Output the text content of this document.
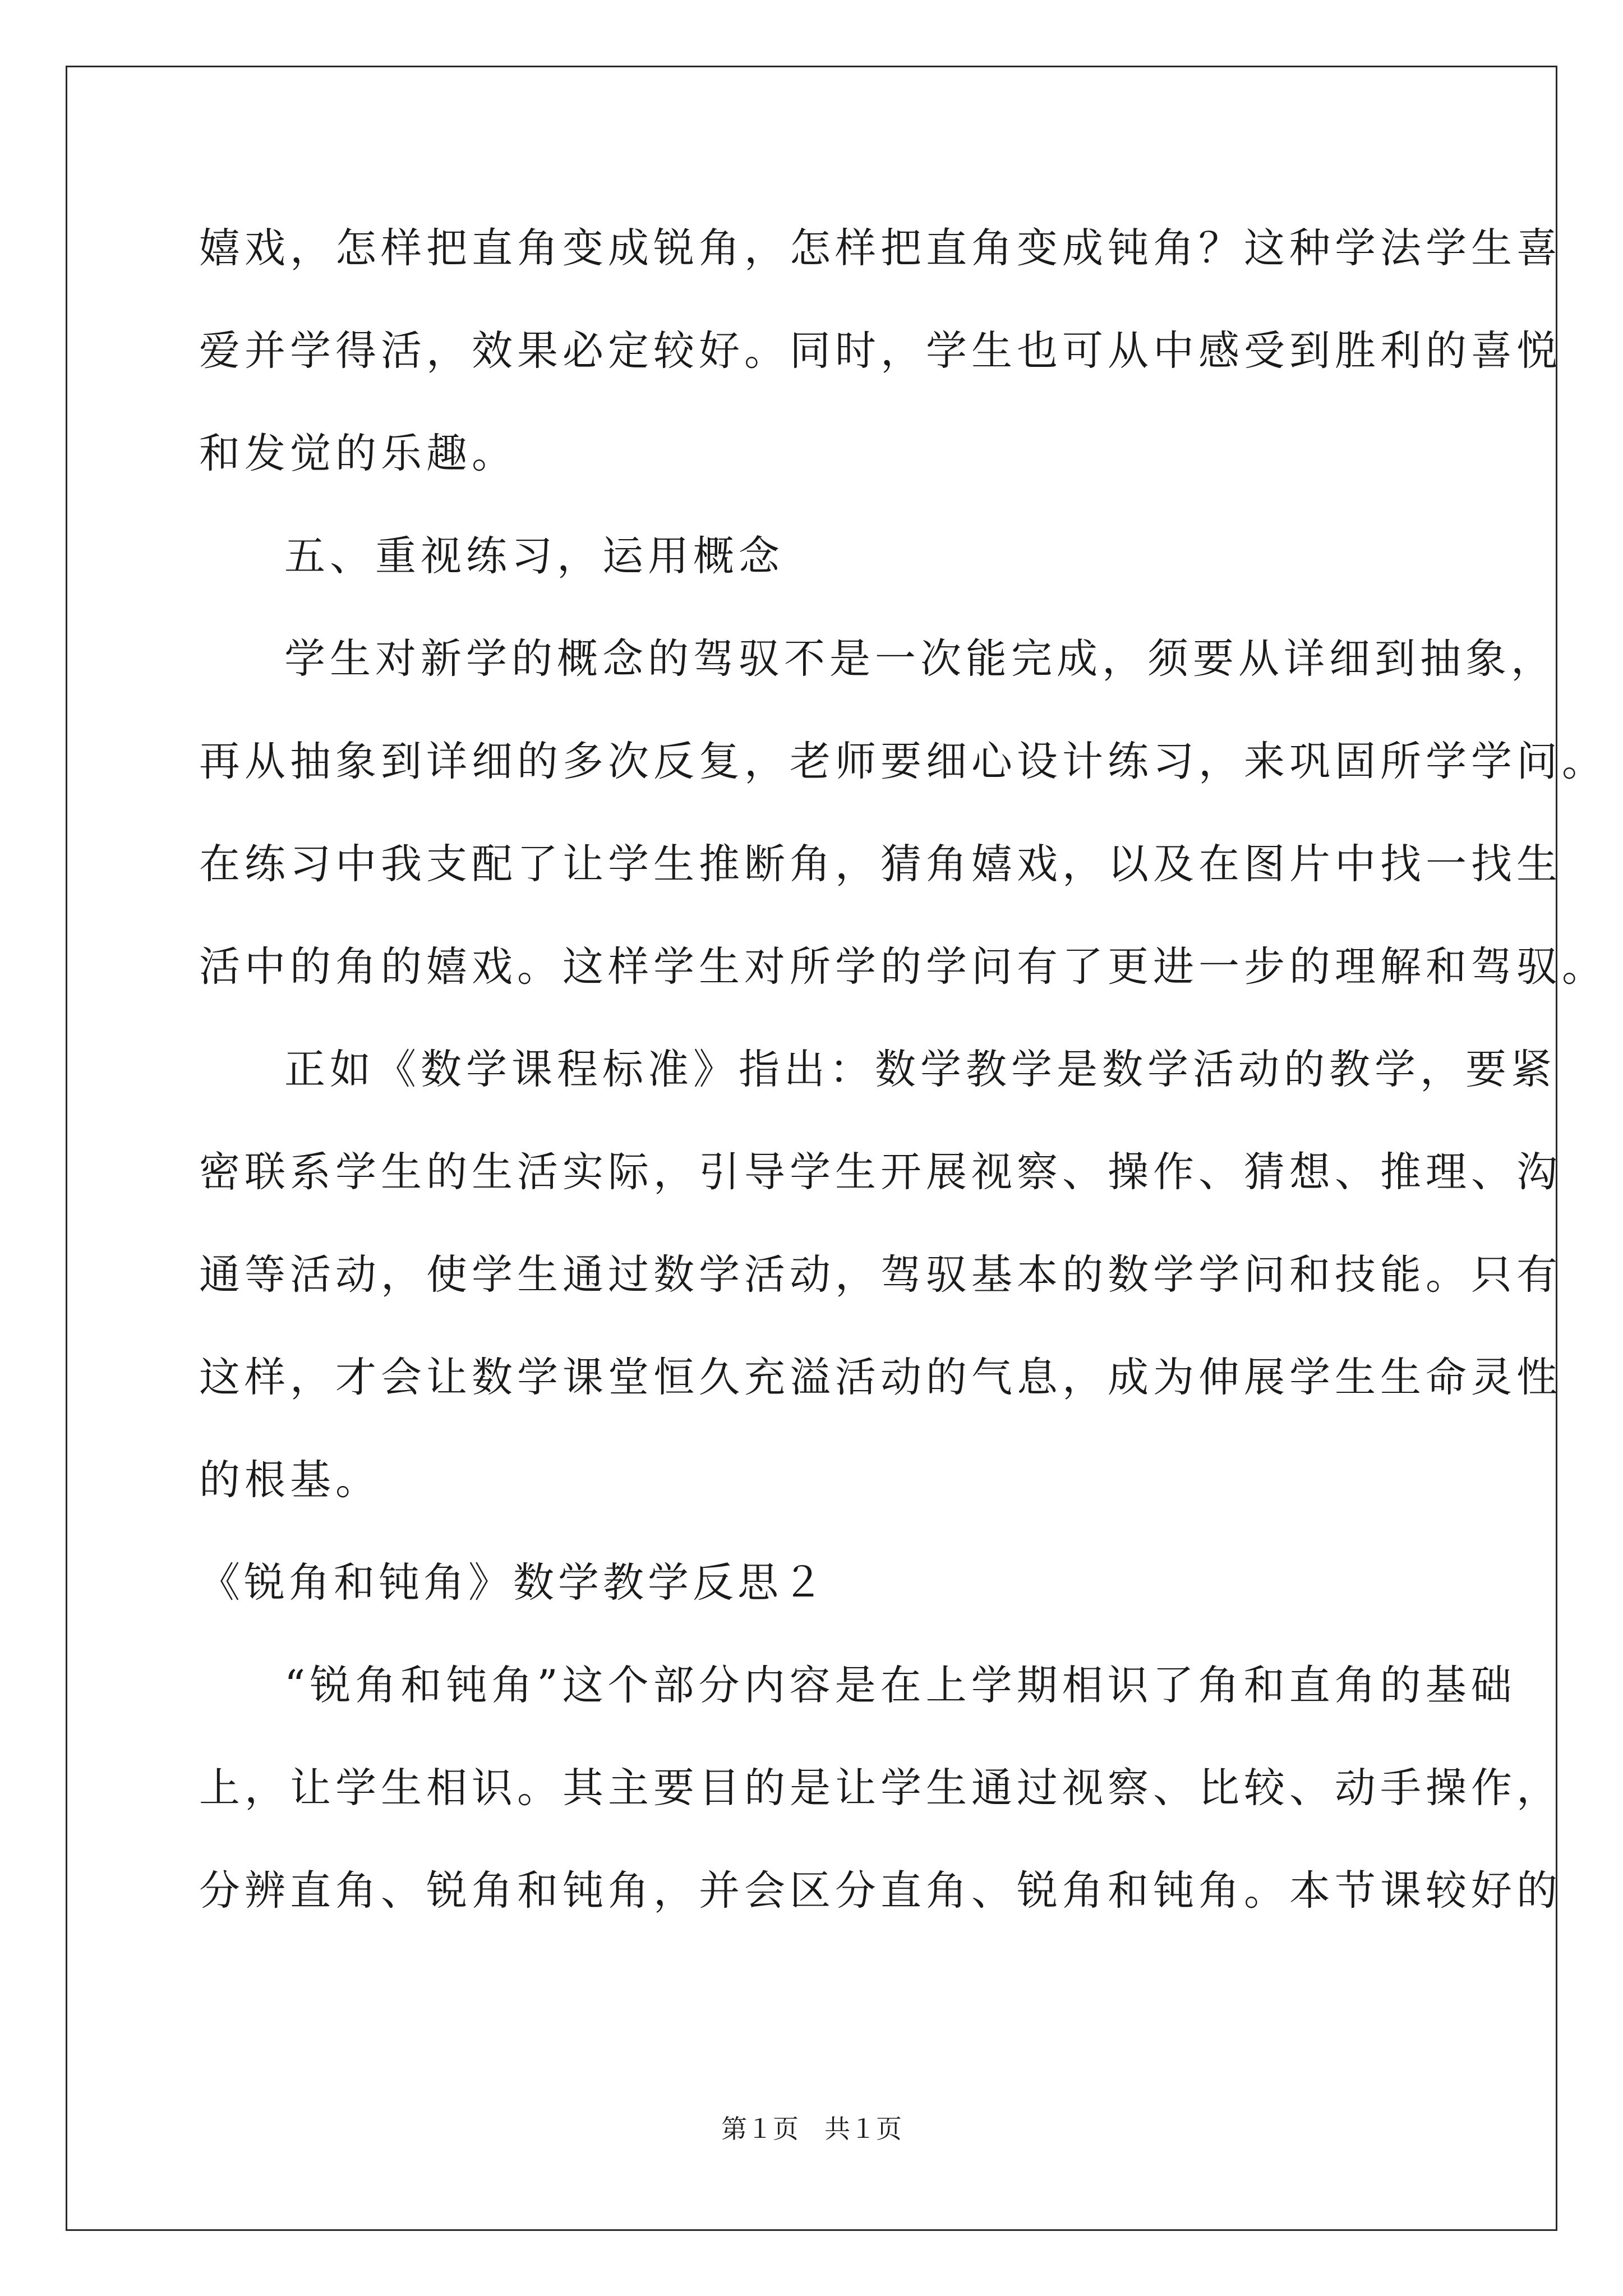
嬉戏，怎样把直角变成锐角，怎样把直角变成钝角？这种学法学生喜
爱并学得活，效果必定较好。同时，学生也可从中感受到胜利的喜悦
和发觉的乐趣。
五、重视练习，运用概念
学生对新学的概念的驾驭不是一次能完成，须要从详细到抽象，
再从抽象到详细的多次反复，老师要细心设计练习，来巩固所学学问。
在练习中我支配了让学生推断角，猜角嬉戏，以及在图片中找一找生
活中的角的嬉戏。这样学生对所学的学问有了更进一步的理解和驾驭。
正如《数学课程标准》指出：数学教学是数学活动的教学，要紧
密联系学生的生活实际，引导学生开展视察、操作、猜想、推理、沟
通等活动，使学生通过数学活动，驾驭基本的数学学问和技能。只有
这样，才会让数学课堂恒久充溢活动的气息，成为伸展学生生命灵性
的根基。
《锐角和钝角》数学教学反思２
“锐角和钝角”这个部分内容是在上学期相识了角和直角的基础
上，让学生相识。其主要目的是让学生通过视察、比较、动手操作，
分辨直角、锐角和钝角，并会区分直角、锐角和钝角。本节课较好的
第１页　共１页
